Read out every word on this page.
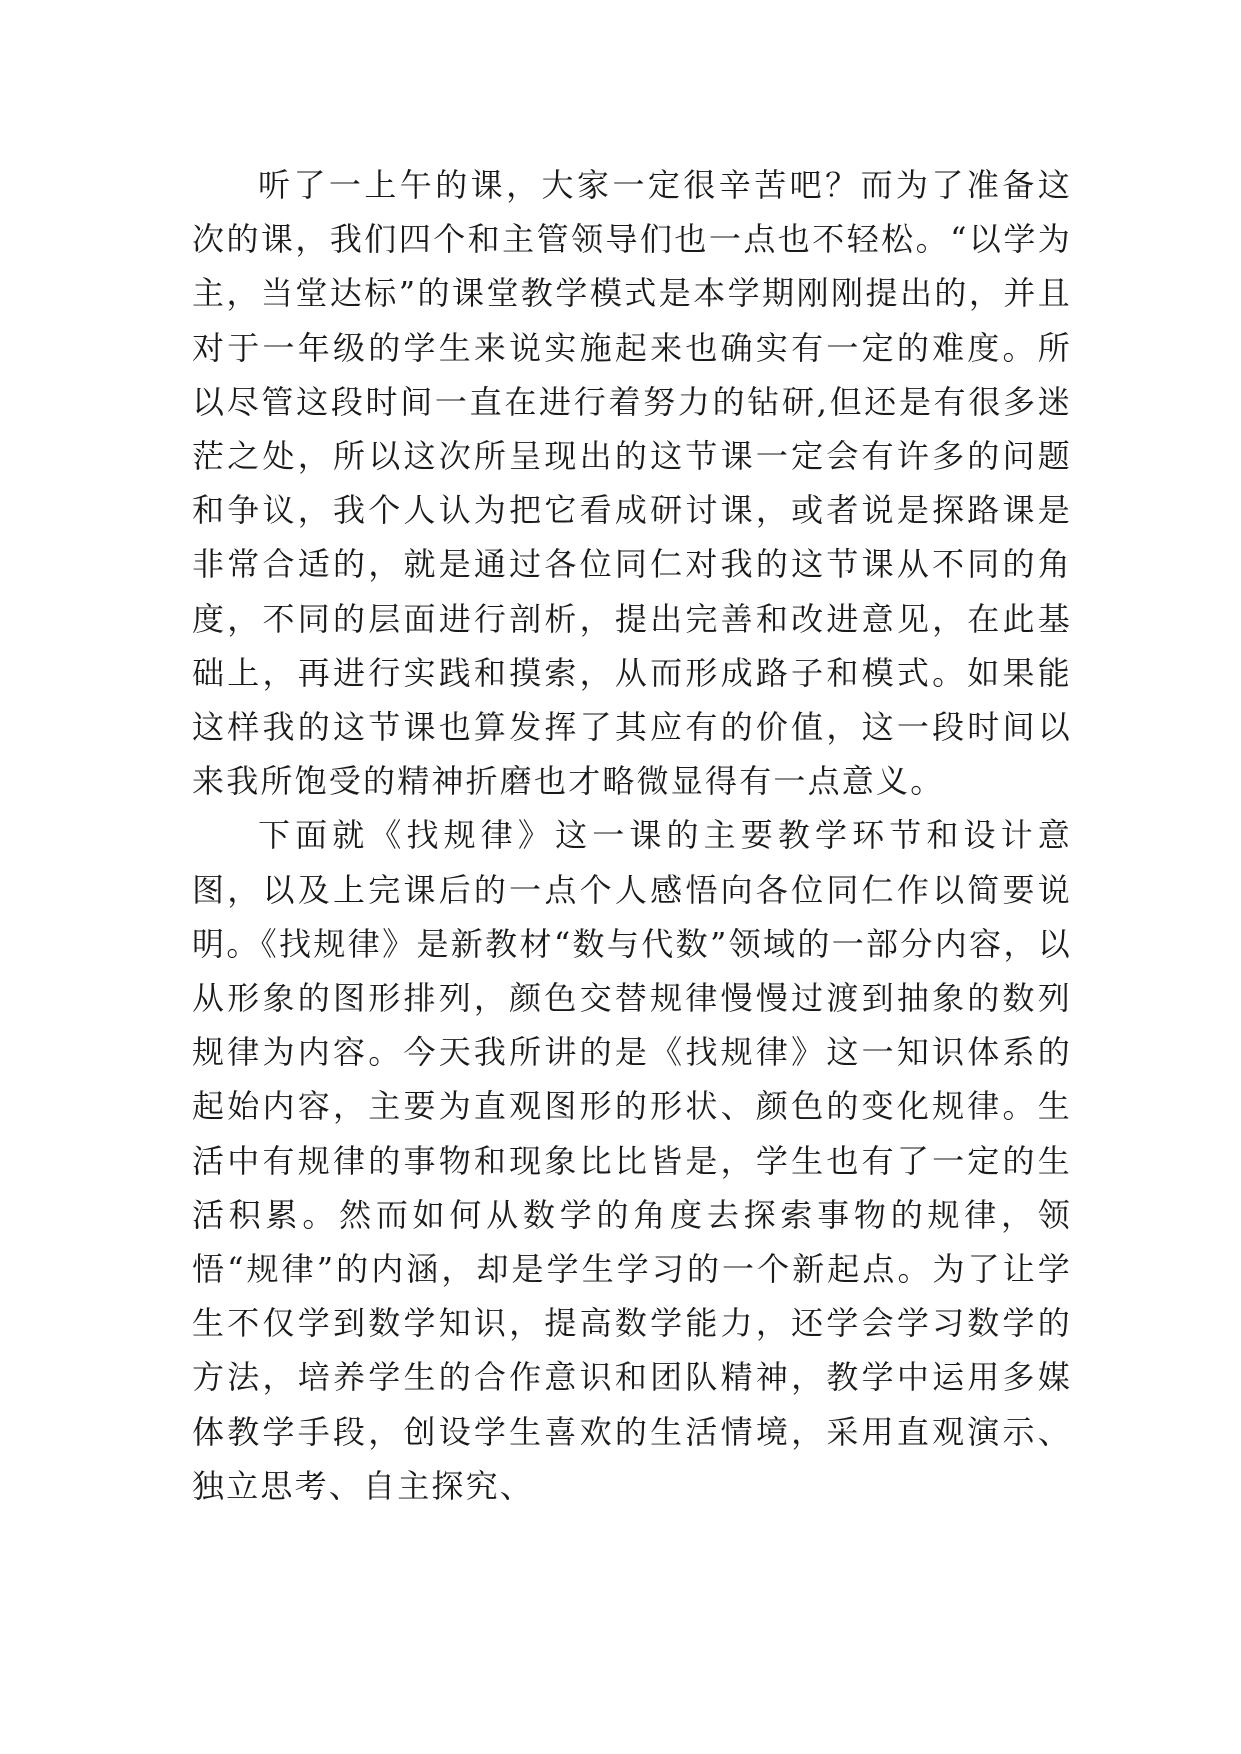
听了一上午的课，大家一定很辛苦吧？而为了准备这次的课，我们四个和主管领导们也一点也不轻松。“以学为主，当堂达标”的课堂教学模式是本学期刚刚提出的，并且对于一年级的学生来说实施起来也确实有一定的难度。所以尽管这段时间一直在进行着努力的钻研,但还是有很多迷茫之处，所以这次所呈现出的这节课一定会有许多的问题和争议，我个人认为把它看成研讨课，或者说是探路课是非常合适的，就是通过各位同仁对我的这节课从不同的角度，不同的层面进行剖析，提出完善和改进意见，在此基础上，再进行实践和摸索，从而形成路子和模式。如果能这样我的这节课也算发挥了其应有的价值，这一段时间以来我所饱受的精神折磨也才略微显得有一点意义。

下面就《找规律》这一课的主要教学环节和设计意图，以及上完课后的一点个人感悟向各位同仁作以简要说明。《找规律》是新教材“数与代数”领域的一部分内容，以从形象的图形排列，颜色交替规律慢慢过渡到抽象的数列规律为内容。今天我所讲的是《找规律》这一知识体系的起始内容，主要为直观图形的形状、颜色的变化规律。生活中有规律的事物和现象比比皆是，学生也有了一定的生活积累。然而如何从数学的角度去探索事物的规律，领悟“规律”的内涵，却是学生学习的一个新起点。为了让学生不仅学到数学知识，提高数学能力，还学会学习数学的方法，培养学生的合作意识和团队精神，教学中运用多媒体教学手段，创设学生喜欢的生活情境，采用直观演示、独立思考、自主探究、
